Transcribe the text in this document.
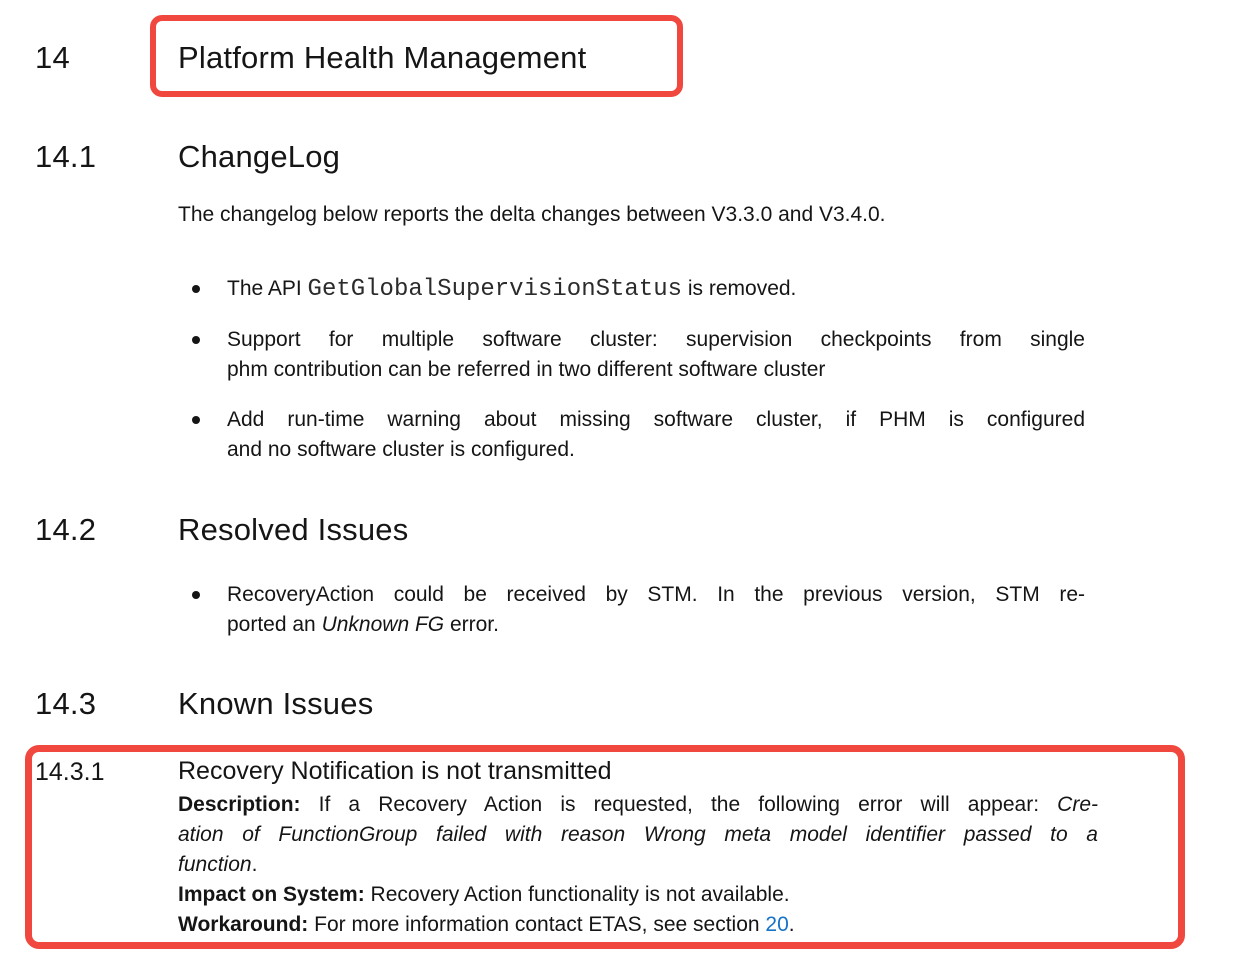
14	Platform Health Management
14.1	ChangeLog
The changelog below reports the delta changes between V3.3.0 and V3.4.0.
The API GetGlobalSupervisionStatus is removed.
Support for multiple software cluster: supervision checkpoints from single
phm contribution can be referred in two different software cluster
Add run-time warning about missing software cluster, if PHM is configured
and no software cluster is configured.
14.2	Resolved Issues
RecoveryAction could be received by STM. In the previous version, STM re-
ported an Unknown FG error.
14.3	Known Issues
14.3.1	Recovery Notification is not transmitted
Description: If a Recovery Action is requested, the following error will appear: Cre-
ation of FunctionGroup failed with reason Wrong meta model identifier passed to a
function.
Impact on System: Recovery Action functionality is not available.
Workaround: For more information contact ETAS, see section 20.
